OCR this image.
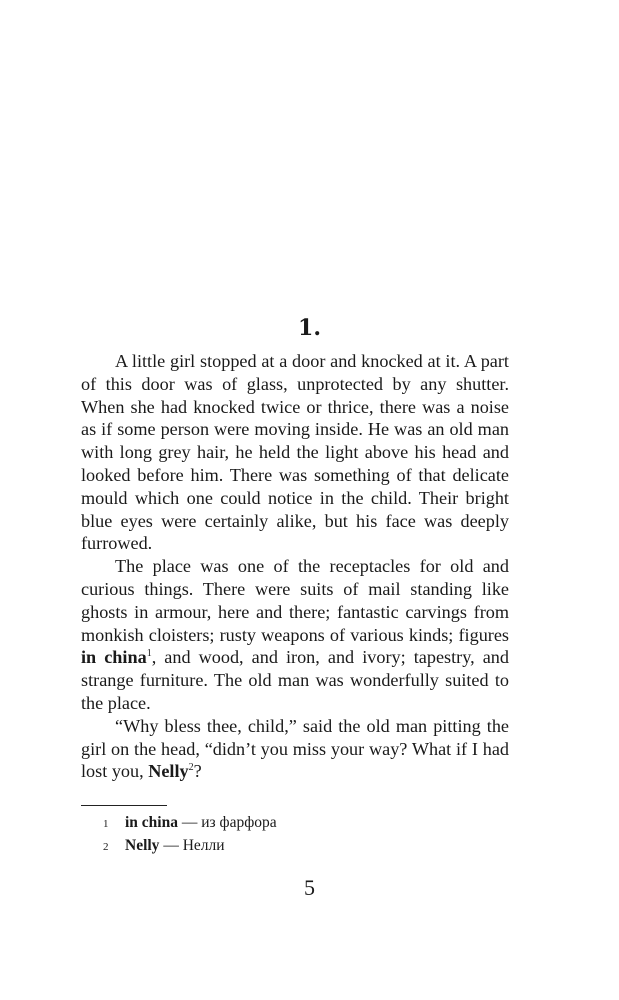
1.

A little girl stopped at a door and knocked at it. A part of this door was of glass, unprotected by any shutter. When she had knocked twice or thrice, there was a noise as if some person were moving inside. He was an old man with long grey hair, he held the light above his head and looked before him. There was something of that delicate mould which one could notice in the child. Their bright blue eyes were certainly alike, but his face was deeply furrowed.

The place was one of the receptacles for old and curious things. There were suits of mail standing like ghosts in armour, here and there; fantastic carvings from monkish cloisters; rusty weapons of various kinds; figures in china$^1$, and wood, and iron, and ivory; tapestry, and strange furniture. The old man was wonderfully suited to the place.

“Why bless thee, child,” said the old man pitting the girl on the head, “didn’t you miss your way? What if I had lost you, Nelly$^2$?

1	in china
—
из фарфора
2	Nelly
—
Нелли
5
